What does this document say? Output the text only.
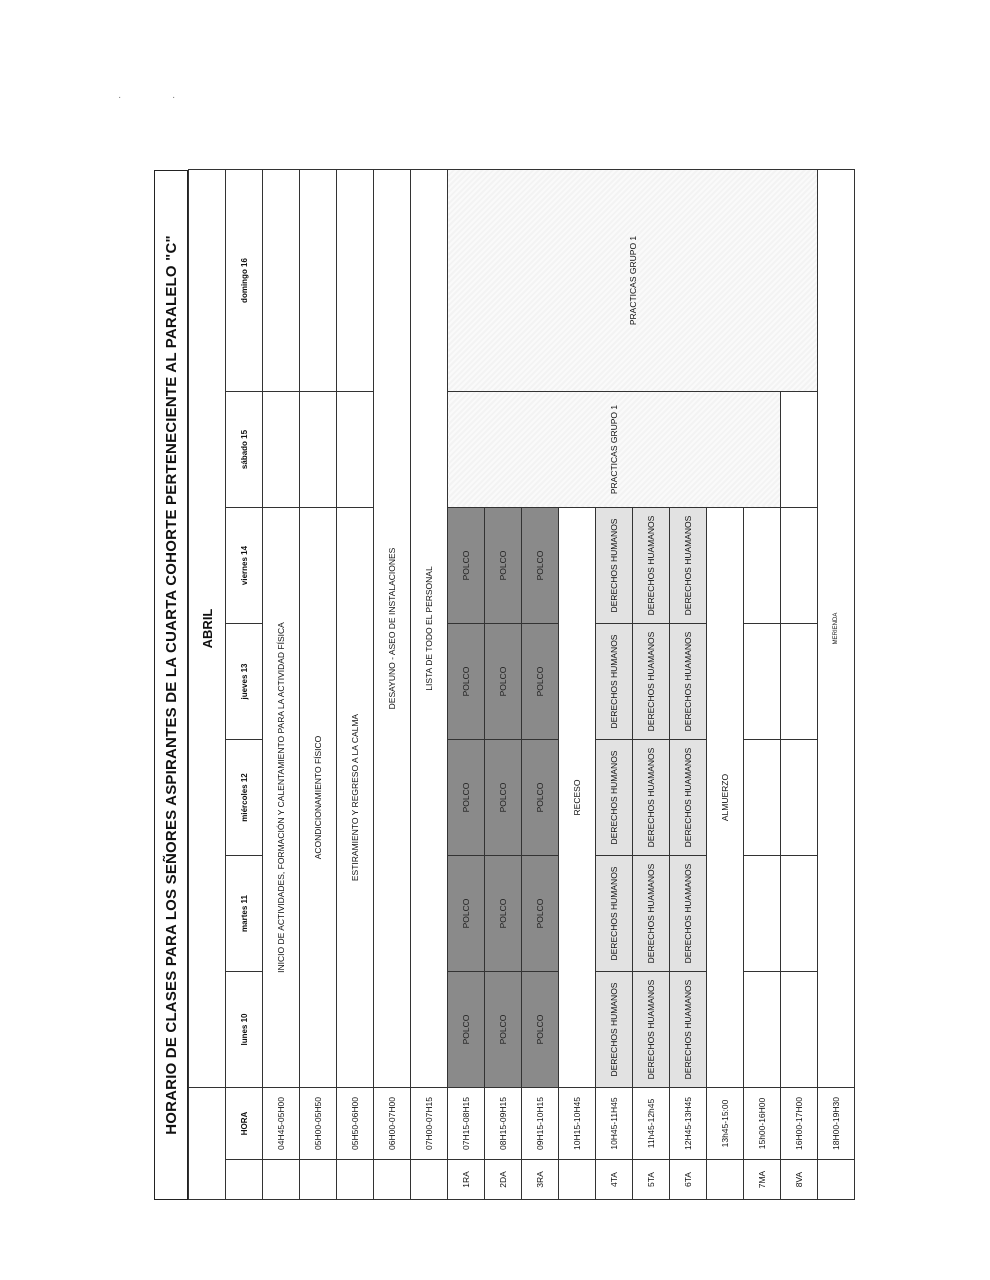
·	·
HORARIO DE CLASES PARA LOS SEÑORES ASPIRANTES DE LA CUARTA COHORTE PERTENECIENTE AL PARALELO "C"
		ABRIL							
	HORA	lunes 10	martes 11	miércoles 12	jueves 13	viernes 14	sábado 15	domingo 16	
	04H45-05H00	INICIO DE ACTIVIDADES, FORMACIÓN Y CALENTAMIENTO PARA LA ACTIVIDAD FÍSICA							
	05H00-05H50	ACONDICIONAMIENTO FÍSICO							
	05H50-06H00	ESTIRAMIENTO Y REGRESO A LA CALMA							
	06H00-07H00	DESAYUNO - ASEO DE INSTALACIONES							
	07H00-07H15	LISTA DE TODO EL PERSONAL							
1RA	07H15-08H15	POLCO	POLCO	POLCO	POLCO	POLCO	PRACTICAS GRUPO 1	PRACTICAS GRUPO 1	
2DA	08H15-09H15	POLCO	POLCO	POLCO	POLCO	POLCO			
3RA	09H15-10H15	POLCO	POLCO	POLCO	POLCO	POLCO			
	10H15-10H45	RECESO							
4TA	10H45-11H45	DERECHOS HUMANOS	DERECHOS HUMANOS	DERECHOS HUMANOS	DERECHOS HUMANOS	DERECHOS HUMANOS			
5TA	11h45-12h45	DERECHOS HUAMANOS	DERECHOS HUAMANOS	DERECHOS HUAMANOS	DERECHOS HUAMANOS	DERECHOS HUAMANOS			
6TA	12H45-13H45	DERECHOS HUAMANOS	DERECHOS HUAMANOS	DERECHOS HUAMANOS	DERECHOS HUAMANOS	DERECHOS HUAMANOS			
	13h45-15:00	ALMUERZO							
7MA	15h00-16H00								
8VA	16H00-17H00								
	18H00-19H30	MERIENDA							
